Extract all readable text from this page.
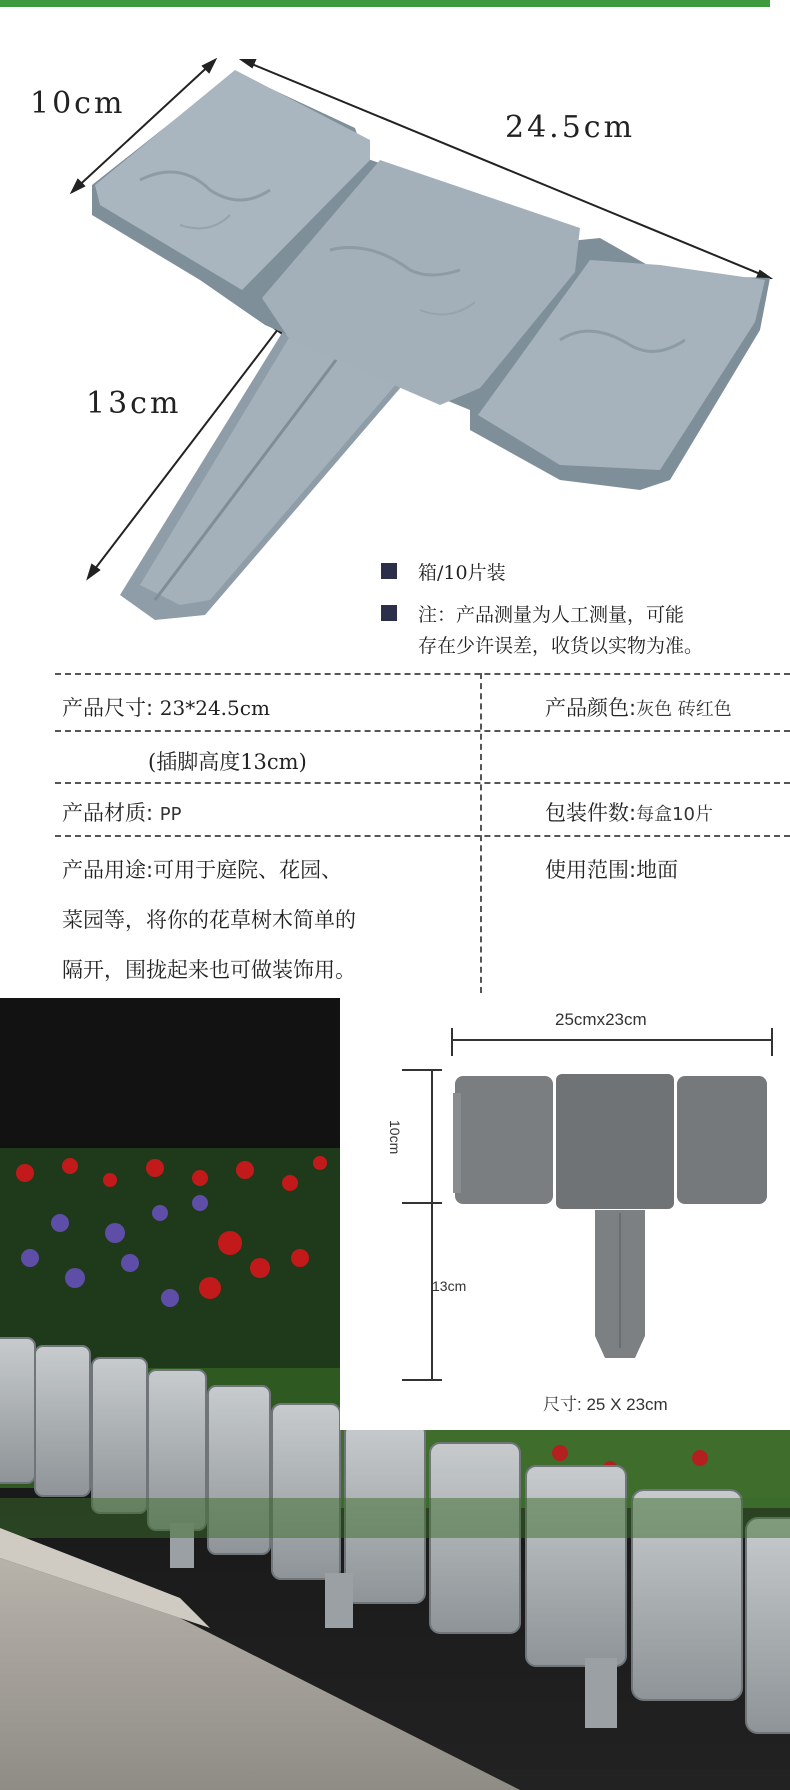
10cm
24.5cm
13cm
箱/10片装
注：产品测量为人工测量，可能
存在少许误差，收货以实物为准。
产品尺寸: 23*24.5cm	产品颜色:灰色 砖红色
(插脚高度13cm)
产品材质: PP	包装件数:每盒10片
产品用途:可用于庭院、花园、
菜园等，将你的花草树木简单的
隔开，围拢起来也可做装饰用。
使用范围:地面
25cmx23cm
10cm
13cm
尺寸: 25 X 23cm
